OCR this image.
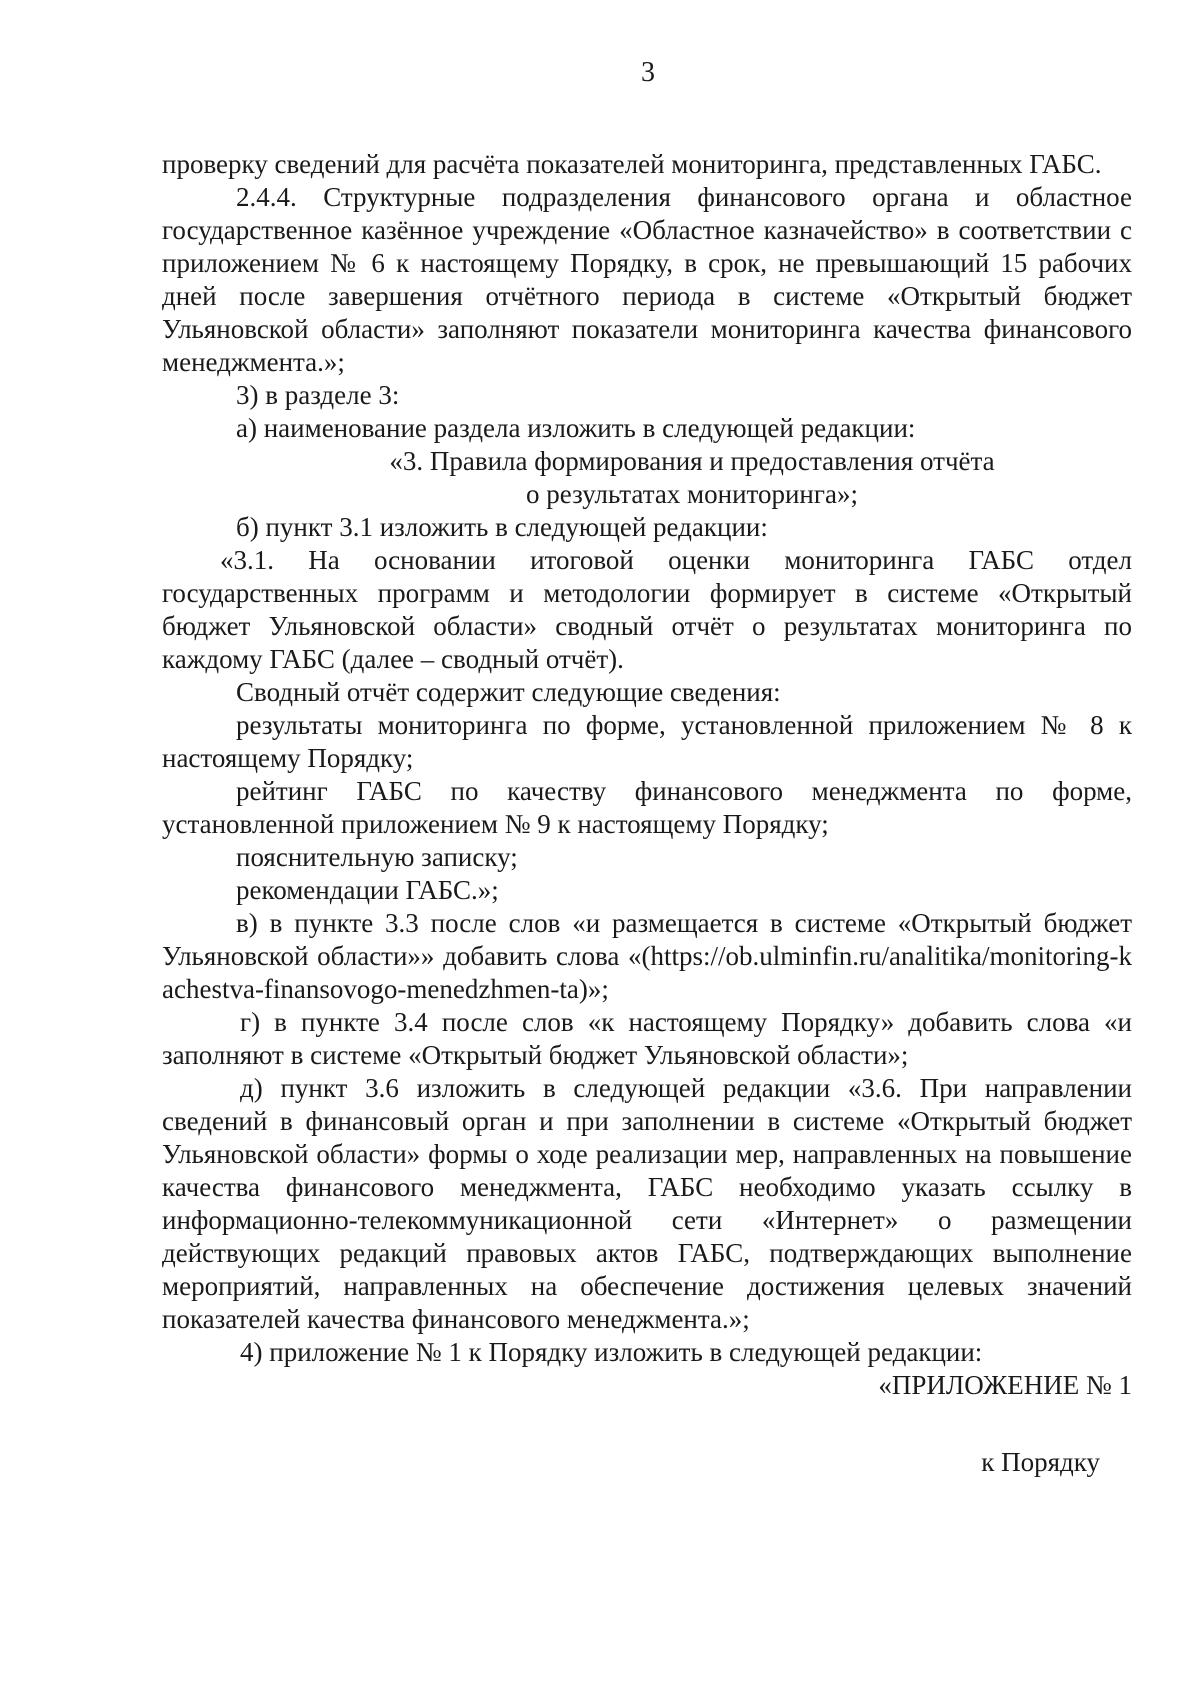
3

проверку сведений для расчёта показателей мониторинга, представленных ГАБС.

2.4.4. Структурные подразделения финансового органа и областное государственное казённое учреждение «Областное казначейство» в соответствии с приложением № 6 к настоящему Порядку, в срок, не превышающий 15 рабочих дней после завершения отчётного периода в системе «Открытый бюджет Ульяновской области» заполняют показатели мониторинга качества финансового менеджмента.»;

3) в разделе 3:

а) наименование раздела изложить в следующей редакции:

«3. Правила формирования и предоставления отчёта

о результатах мониторинга»;

б) пункт 3.1 изложить в следующей редакции:

«3.1. На основании итоговой оценки мониторинга ГАБС отдел государственных программ и методологии формирует в системе «Открытый бюджет Ульяновской области» сводный отчёт о результатах мониторинга по каждому ГАБС (далее – сводный отчёт).

Сводный отчёт содержит следующие сведения:

результаты мониторинга по форме, установленной приложением № 8 к настоящему Порядку;

рейтинг ГАБС по качеству финансового менеджмента по форме, установленной приложением № 9 к настоящему Порядку;

пояснительную записку;

рекомендации ГАБС.»;

в) в пункте 3.3 после слов «и размещается в системе «Открытый бюджет Ульяновской области»» добавить слова «(https://ob.ulminfin.ru/analitika/monitoring-kachestva-finansovogo-menedzhmen-ta)»;

г) в пункте 3.4 после слов «к настоящему Порядку» добавить слова «и заполняют в системе «Открытый бюджет Ульяновской области»;

д) пункт 3.6 изложить в следующей редакции «3.6. При направлении сведений в финансовый орган и при заполнении в системе «Открытый бюджет Ульяновской области» формы о ходе реализации мер, направленных на повышение качества финансового менеджмента, ГАБС необходимо указать ссылку в информационно-телекоммуникационной сети «Интернет» о размещении действующих редакций правовых актов ГАБС, подтверждающих выполнение мероприятий, направленных на обеспечение достижения целевых значений показателей качества финансового менеджмента.»;

4) приложение № 1 к Порядку изложить в следующей редакции:

«ПРИЛОЖЕНИЕ № 1

к Порядку
